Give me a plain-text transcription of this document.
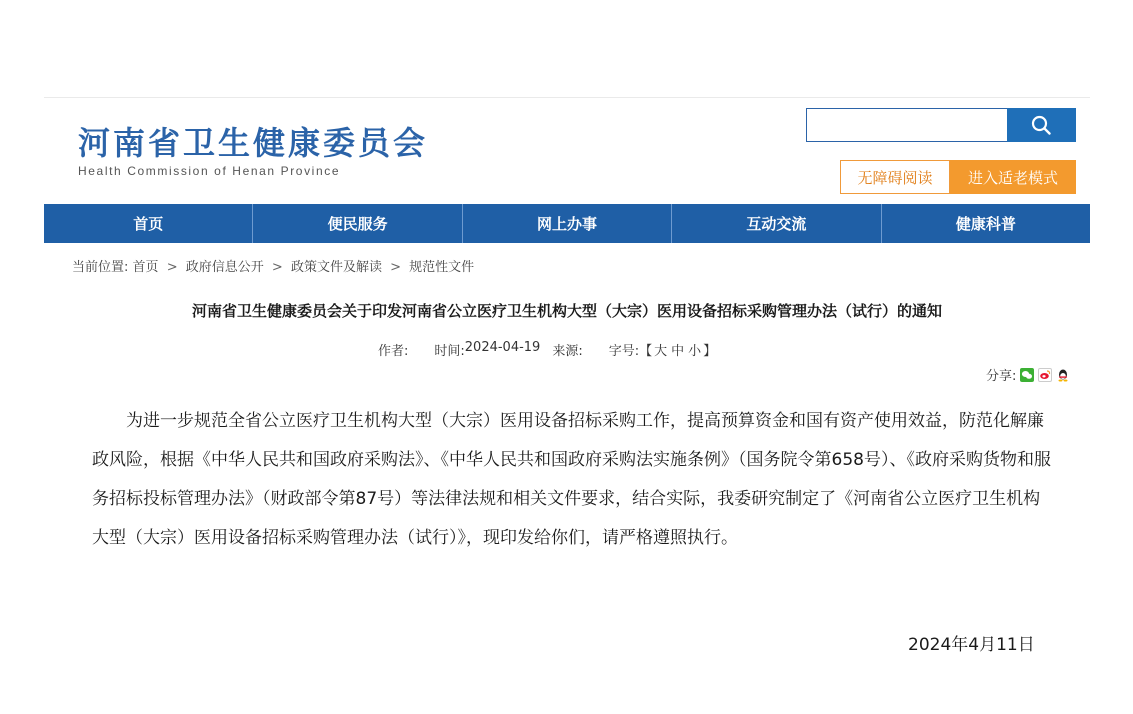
河南省卫生健康委员会
Health Commission of Henan Province	无障碍阅读	进入适老模式
首页	便民服务	网上办事	互动交流	健康科普
当前位置: 首页 > 政府信息公开 > 政策文件及解读 > 规范性文件
河南省卫生健康委员会关于印发河南省公立医疗卫生机构大型（大宗）医用设备招标采购管理办法（试行）的通知
作者: 时间: 2024-04-19 来源: 字号: 【 大 中 小 】
分享:

为进一步规范全省公立医疗卫生机构大型（大宗）医用设备招标采购工作，提高预算资金和国有资产使用效益，防范化解廉政风险，根据《中华人民共和国政府采购法》、《中华人民共和国政府采购法实施条例》（国务院令第658号）、《政府采购货物和服务招标投标管理办法》（财政部令第87号）等法律法规和相关文件要求，结合实际，我委研究制定了《河南省公立医疗卫生机构大型（大宗）医用设备招标采购管理办法（试行）》，现印发给你们，请严格遵照执行。

2024年4月11日
